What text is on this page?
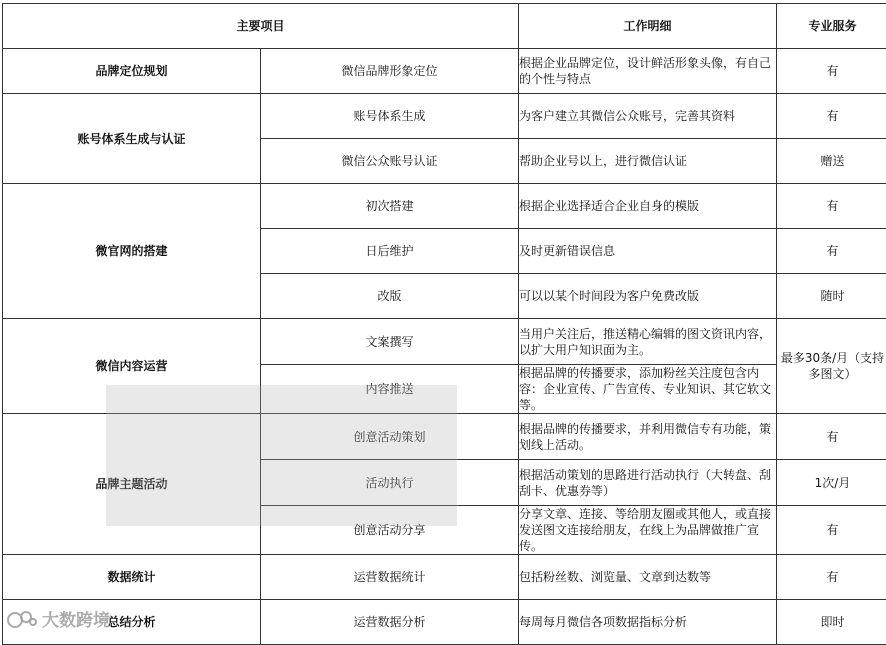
主要项目		工作明细	专业服务
品牌定位规划	微信品牌形象定位	根据企业品牌定位，设计鲜活形象头像，有自己的个性与特点	有
账号体系生成与认证	账号体系生成	为客户建立其微信公众账号，完善其资料	有
	微信公众账号认证	帮助企业号以上，进行微信认证	赠送
微官网的搭建	初次搭建	根据企业选择适合企业自身的模版	有
	日后维护	及时更新错误信息	有
	改版	可以以某个时间段为客户免费改版	随时
微信内容运营	文案撰写	当用户关注后，推送精心编辑的图文资讯内容，以扩大用户知识面为主。	最多30条/月（支持多图文）
	内容推送	根据品牌的传播要求，添加粉丝关注度包含内容：企业宣传、广告宣传、专业知识、其它软文等。	
品牌主题活动	创意活动策划	根据品牌的传播要求，并利用微信专有功能，策划线上活动。	有
	活动执行	根据活动策划的思路进行活动执行（大转盘、刮刮卡、优惠券等）	1次/月
	创意活动分享	分享文章、连接、等给朋友圈或其他人，或直接发送图文连接给朋友，在线上为品牌做推广宣传。	有
数据统计	运营数据统计	包括粉丝数、浏览量、文章到达数等	有
总结分析	运营数据分析	每周每月微信各项数据指标分析	即时
大数跨境
